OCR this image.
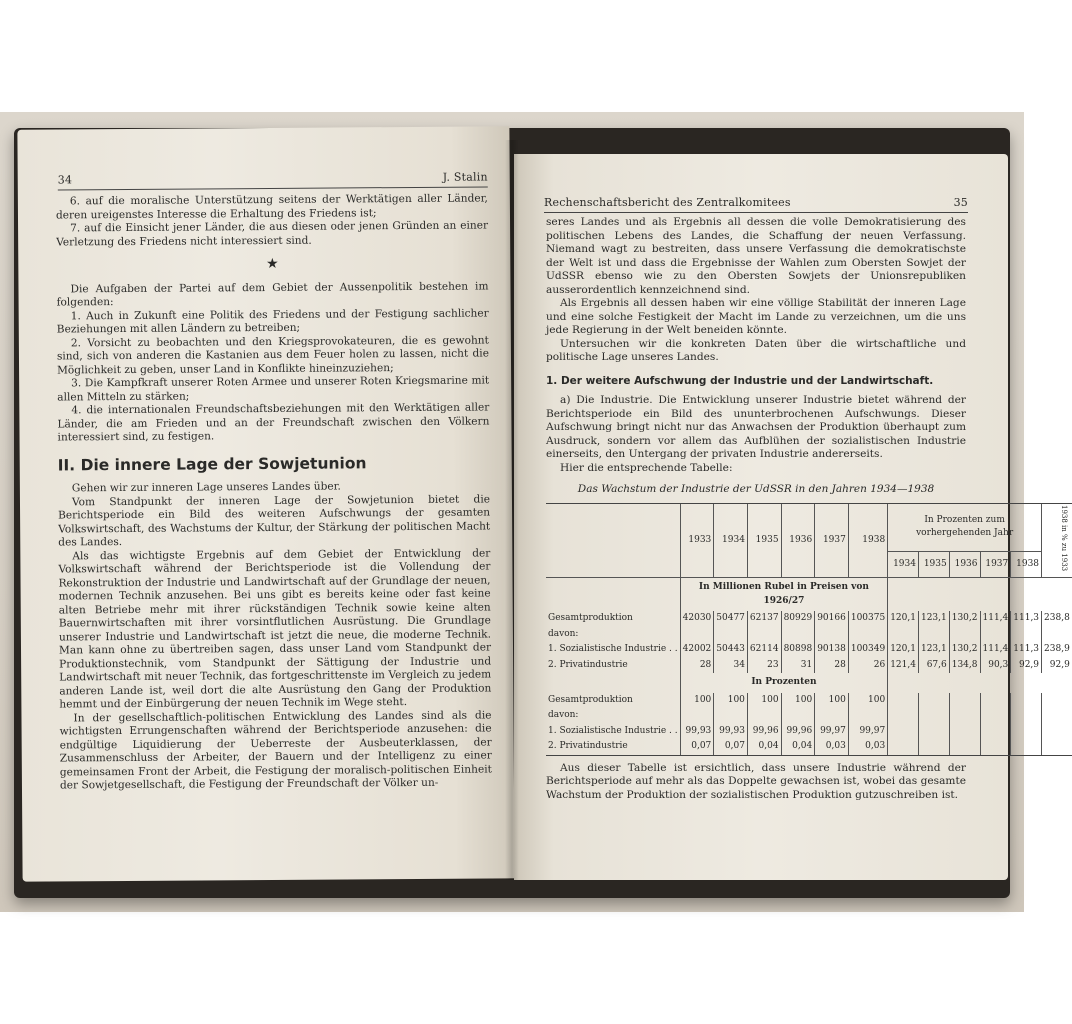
34	J. Stalin

6. auf die moralische Unterstützung seitens der Werktätigen aller Länder, deren ureigenstes Interesse die Erhaltung des Friedens ist;

7. auf die Einsicht jener Länder, die aus diesen oder jenen Gründen an einer Verletzung des Friedens nicht interessiert sind.

★

Die Aufgaben der Partei auf dem Gebiet der Aussenpolitik bestehen im folgenden:

1. Auch in Zukunft eine Politik des Friedens und der Festigung sachlicher Beziehungen mit allen Ländern zu betreiben;

2. Vorsicht zu beobachten und den Kriegsprovokateuren, die es gewohnt sind, sich von anderen die Kastanien aus dem Feuer holen zu lassen, nicht die Möglichkeit zu geben, unser Land in Konflikte hineinzuziehen;

3. Die Kampfkraft unserer Roten Armee und unserer Roten Kriegsmarine mit allen Mitteln zu stärken;

4. die internationalen Freundschaftsbeziehungen mit den Werktätigen aller Länder, die am Frieden und an der Freundschaft zwischen den Völkern interessiert sind, zu festigen.

II. Die innere Lage der Sowjetunion

Gehen wir zur inneren Lage unseres Landes über.

Vom Standpunkt der inneren Lage der Sowjetunion bietet die Berichtsperiode ein Bild des weiteren Aufschwungs der gesamten Volkswirtschaft, des Wachstums der Kultur, der Stärkung der politischen Macht des Landes.

Als das wichtigste Ergebnis auf dem Gebiet der Entwicklung der Volkswirtschaft während der Berichtsperiode ist die Vollendung der Rekonstruktion der Industrie und Landwirtschaft auf der Grundlage der neuen, modernen Technik anzusehen. Bei uns gibt es bereits keine oder fast keine alten Betriebe mehr mit ihrer rückständigen Technik sowie keine alten Bauernwirtschaften mit ihrer vorsintflutlichen Ausrüstung. Die Grundlage unserer Industrie und Landwirtschaft ist jetzt die neue, die moderne Technik. Man kann ohne zu übertreiben sagen, dass unser Land vom Standpunkt der Produktionstechnik, vom Standpunkt der Sättigung der Industrie und Landwirtschaft mit neuer Technik, das fortgeschrittenste im Vergleich zu jedem anderen Lande ist, weil dort die alte Ausrüstung den Gang der Produktion hemmt und der Einbürgerung der neuen Technik im Wege steht.

In der gesellschaftlich-politischen Entwicklung des Landes sind als die wichtigsten Errungenschaften während der Berichtsperiode anzusehen: die endgültige Liquidierung der Ueberreste der Ausbeuterklassen, der Zusammenschluss der Arbeiter, der Bauern und der Intelligenz zu einer gemeinsamen Front der Arbeit, die Festigung der moralisch-politischen Einheit der Sowjetgesellschaft, die Festigung der Freundschaft der Völker un-

Rechenschaftsbericht des Zentralkomitees	35

seres Landes und als Ergebnis all dessen die volle Demokratisierung des politischen Lebens des Landes, die Schaffung der neuen Verfassung. Niemand wagt zu bestreiten, dass unsere Verfassung die demokratischste der Welt ist und dass die Ergebnisse der Wahlen zum Obersten Sowjet der UdSSR ebenso wie zu den Obersten Sowjets der Unionsrepubliken ausserordentlich kennzeichnend sind.

Als Ergebnis all dessen haben wir eine völlige Stabilität der inneren Lage und eine solche Festigkeit der Macht im Lande zu verzeichnen, um die uns jede Regierung in der Welt beneiden könnte.

Untersuchen wir die konkreten Daten über die wirtschaftliche und politische Lage unseres Landes.

1. Der weitere Aufschwung der Industrie und der Landwirtschaft.

a) Die Industrie. Die Entwicklung unserer Industrie bietet während der Berichtsperiode ein Bild des ununterbrochenen Aufschwungs. Dieser Aufschwung bringt nicht nur das Anwachsen der Produktion überhaupt zum Ausdruck, sondern vor allem das Aufblühen der sozialistischen Industrie einerseits, den Untergang der privaten Industrie andererseits.

Hier die entsprechende Tabelle:

Das Wachstum der Industrie der UdSSR in den Jahren 1934—1938
	1933	1934	1935	1936	1937	1938	In Prozenten zum vorhergehenden Jahr					1938 in % zu 1933
							1934	1935	1936	1937	1938	
	In Millionen Rubel in Preisen von 1926/27											
Gesamtproduktion	42030	50477	62137	80929	90166	100375	120,1	123,1	130,2	111,4	111,3	238,8
davon:												
1. Sozialistische Industrie . .	42002	50443	62114	80898	90138	100349	120,1	123,1	130,2	111,4	111,3	238,9
2. Privatindustrie	28	34	23	31	28	26	121,4	67,6	134,8	90,3	92,9	92,9
	In Prozenten											
Gesamtproduktion	100	100	100	100	100	100						
davon:												
1. Sozialistische Industrie . .	99,93	99,93	99,96	99,96	99,97	99,97						
2. Privatindustrie	0,07	0,07	0,04	0,04	0,03	0,03						

Aus dieser Tabelle ist ersichtlich, dass unsere Industrie während der Berichtsperiode auf mehr als das Doppelte gewachsen ist, wobei das gesamte Wachstum der Produktion der sozialistischen Produktion gutzuschreiben ist.
